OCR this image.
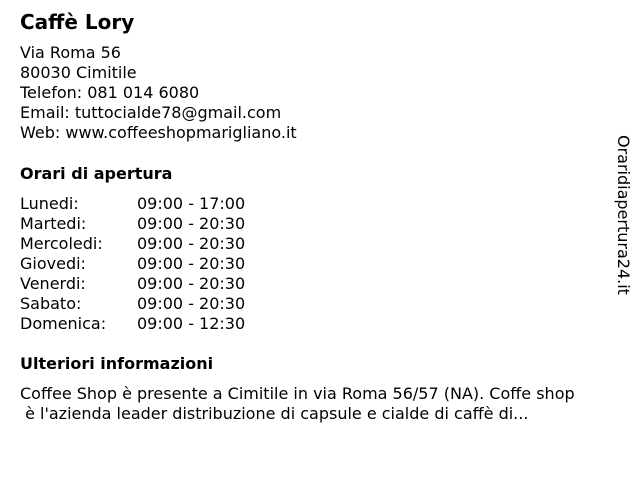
Caffè Lory
Via Roma 56
80030 Cimitile
Telefon: 081 014 6080
Email: tuttocialde78@gmail.com
Web: www.coffeeshopmarigliano.it
Orari di apertura
Lunedi:	09:00 - 17:00
Martedi:	09:00 - 20:30
Mercoledi: 09:00 - 20:30
Giovedi:	09:00 - 20:30
Venerdi:	09:00 - 20:30
Sabato:	09:00 - 20:30
Domenica: 09:00 - 12:30
Ulteriori informazioni
Coffee Shop è presente a Cimitile in via Roma 56/57 (NA). Coffe shop
è l'azienda leader distribuzione di capsule e cialde di caffè di...
Oraridiapertura24.it
